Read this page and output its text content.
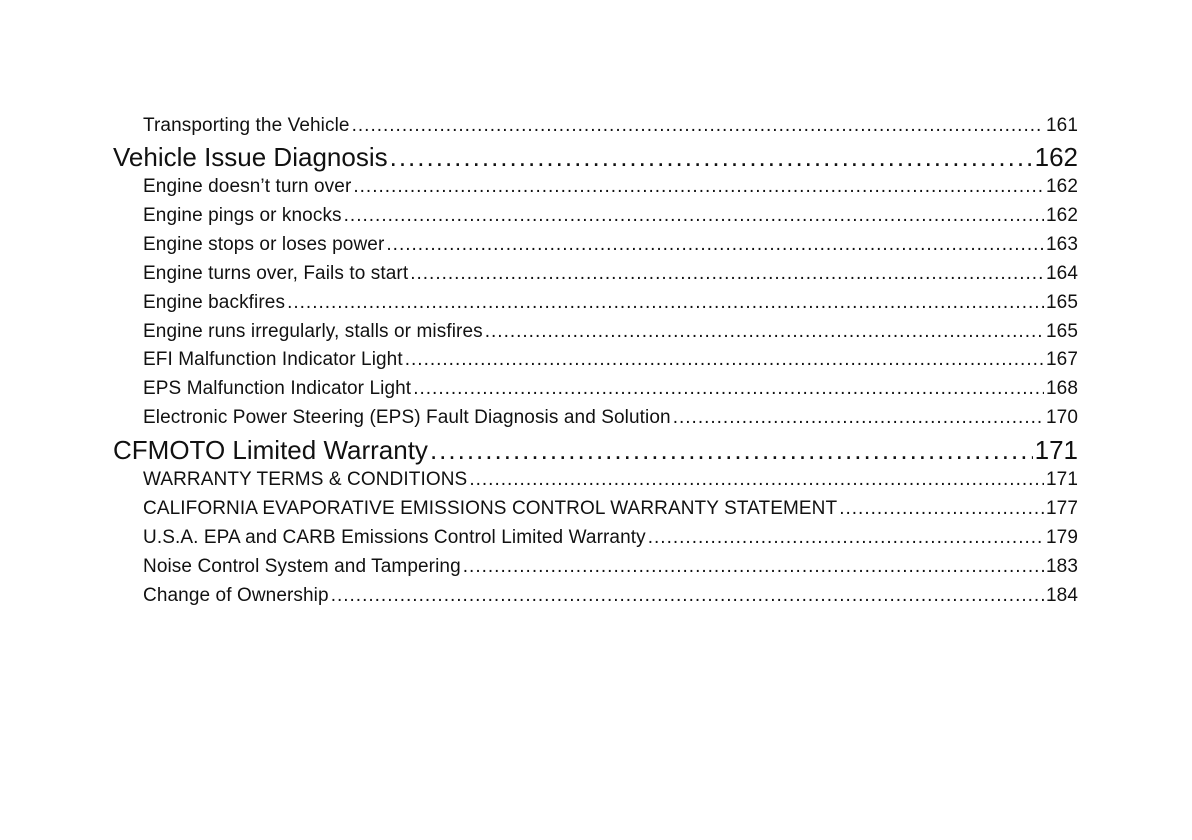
Transporting the Vehicle .....	161
Vehicle Issue Diagnosis .....	162
Engine doesn’t turn over .....	162
Engine pings or knocks .....	162
Engine stops or loses power .....	163
Engine turns over, Fails to start .....	164
Engine backfires .....	165
Engine runs irregularly, stalls or misfires .....	165
EFI Malfunction Indicator Light .....	167
EPS Malfunction Indicator Light .....	168
Electronic Power Steering (EPS) Fault Diagnosis and Solution .....	170
CFMOTO Limited Warranty .....	171
WARRANTY TERMS & CONDITIONS .....	171
CALIFORNIA EVAPORATIVE EMISSIONS CONTROL WARRANTY STATEMENT .....	177
U.S.A. EPA and CARB Emissions Control Limited Warranty .....	179
Noise Control System and Tampering .....	183
Change of Ownership .....	184
